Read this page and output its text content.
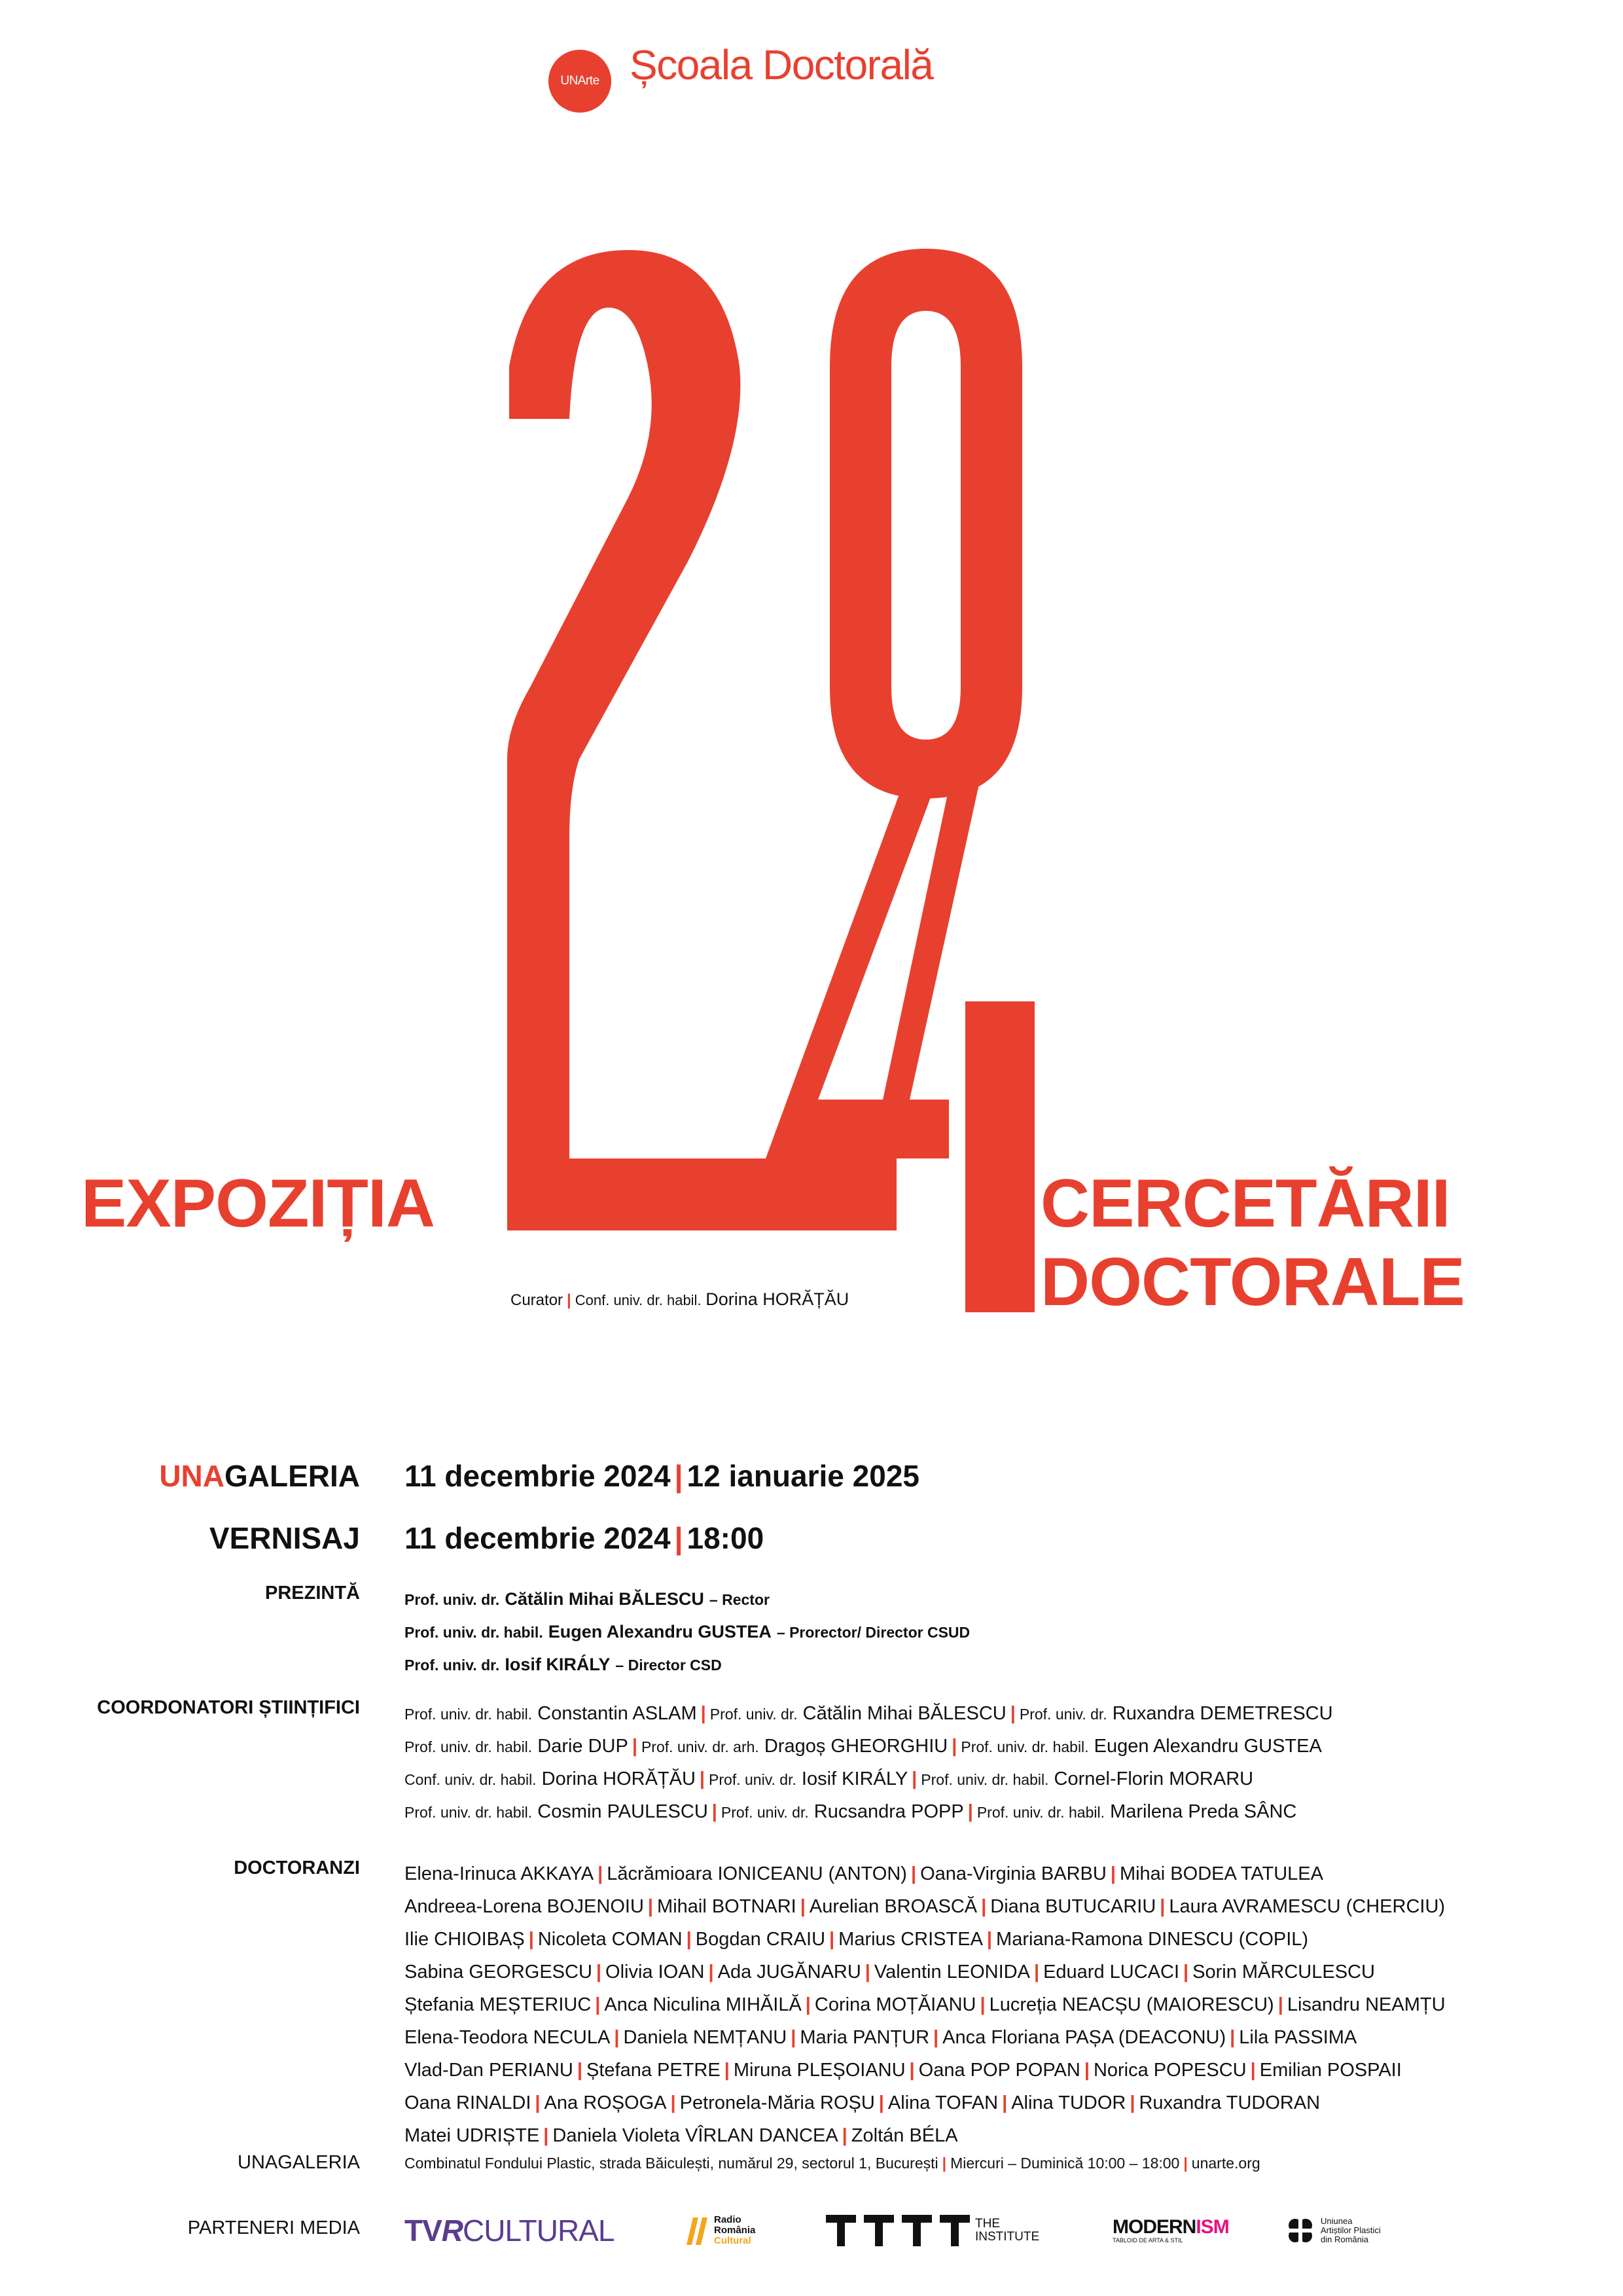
UNArte Școala Doctorală
EXPOZIȚIA	CERCETĂRII
DOCTORALE
Curator | Conf. univ. dr. habil. Dorina HORĂȚĂU
UNAGALERIA 11 decembrie 2024 | 12 ianuarie 2025
VERNISAJ 11 decembrie 2024 | 18:00
PREZINTĂ	Prof. univ. dr. Cătălin Mihai BĂLESCU – Rector
Prof. univ. dr. habil. Eugen Alexandru GUSTEA – Prorector/ Director CSUD
Prof. univ. dr. Iosif KIRÁLY – Director CSD
COORDONATORI ȘTIINȚIFICI	Prof. univ. dr. habil. Constantin ASLAM | Prof. univ. dr. Cătălin Mihai BĂLESCU | Prof. univ. dr. Ruxandra DEMETRESCU
Prof. univ. dr. habil. Darie DUP | Prof. univ. dr. arh. Dragoș GHEORGHIU | Prof. univ. dr. habil. Eugen Alexandru GUSTEA
Conf. univ. dr. habil. Dorina HORĂȚĂU | Prof. univ. dr. Iosif KIRÁLY | Prof. univ. dr. habil. Cornel-Florin MORARU
Prof. univ. dr. habil. Cosmin PAULESCU | Prof. univ. dr. Rucsandra POPP | Prof. univ. dr. habil. Marilena Preda SÂNC
DOCTORANZI Elena-Irinuca AKKAYA | Lăcrămioara IONICEANU (ANTON) | Oana-Virginia BARBU | Mihai BODEA TATULEA
Andreea-Lorena BOJENOIU | Mihail BOTNARI | Aurelian BROASCĂ | Diana BUTUCARIU | Laura AVRAMESCU (CHERCIU)
Ilie CHIOIBAȘ | Nicoleta COMAN | Bogdan CRAIU | Marius CRISTEA | Mariana-Ramona DINESCU (COPIL)
Sabina GEORGESCU | Olivia IOAN | Ada JUGĂNARU | Valentin LEONIDA | Eduard LUCACI | Sorin MĂRCULESCU
Ștefania MEȘTERIUC | Anca Niculina MIHĂILĂ | Corina MOȚĂIANU | Lucreția NEACȘU (MAIORESCU) | Lisandru NEAMȚU
Elena-Teodora NECULA | Daniela NEMȚANU | Maria PANȚUR | Anca Floriana PAȘA (DEACONU) | Lila PASSIMA
Vlad-Dan PERIANU | Ștefana PETRE | Miruna PLEȘOIANU | Oana POP POPAN | Norica POPESCU | Emilian POSPAII
Oana RINALDI | Ana ROȘOGA | Petronela-Măria ROȘU | Alina TOFAN | Alina TUDOR | Ruxandra TUDORAN
Matei UDRIȘTE | Daniela Violeta VÎRLAN DANCEA | Zoltán BÉLA
UNAGALERIA	Combinatul Fondului Plastic, strada Băiculești, numărul 29, sectorul 1, București | Miercuri – Duminică 10:00 – 18:00 | unarte.org
PARTENERI MEDIA TV R CULTURAL	Radio
România
Cultural
THE
INSTITUTE	MODERNISM
TABLOID DE ARTA & STIL
Uniunea
Artiștilor Plastici
din România
